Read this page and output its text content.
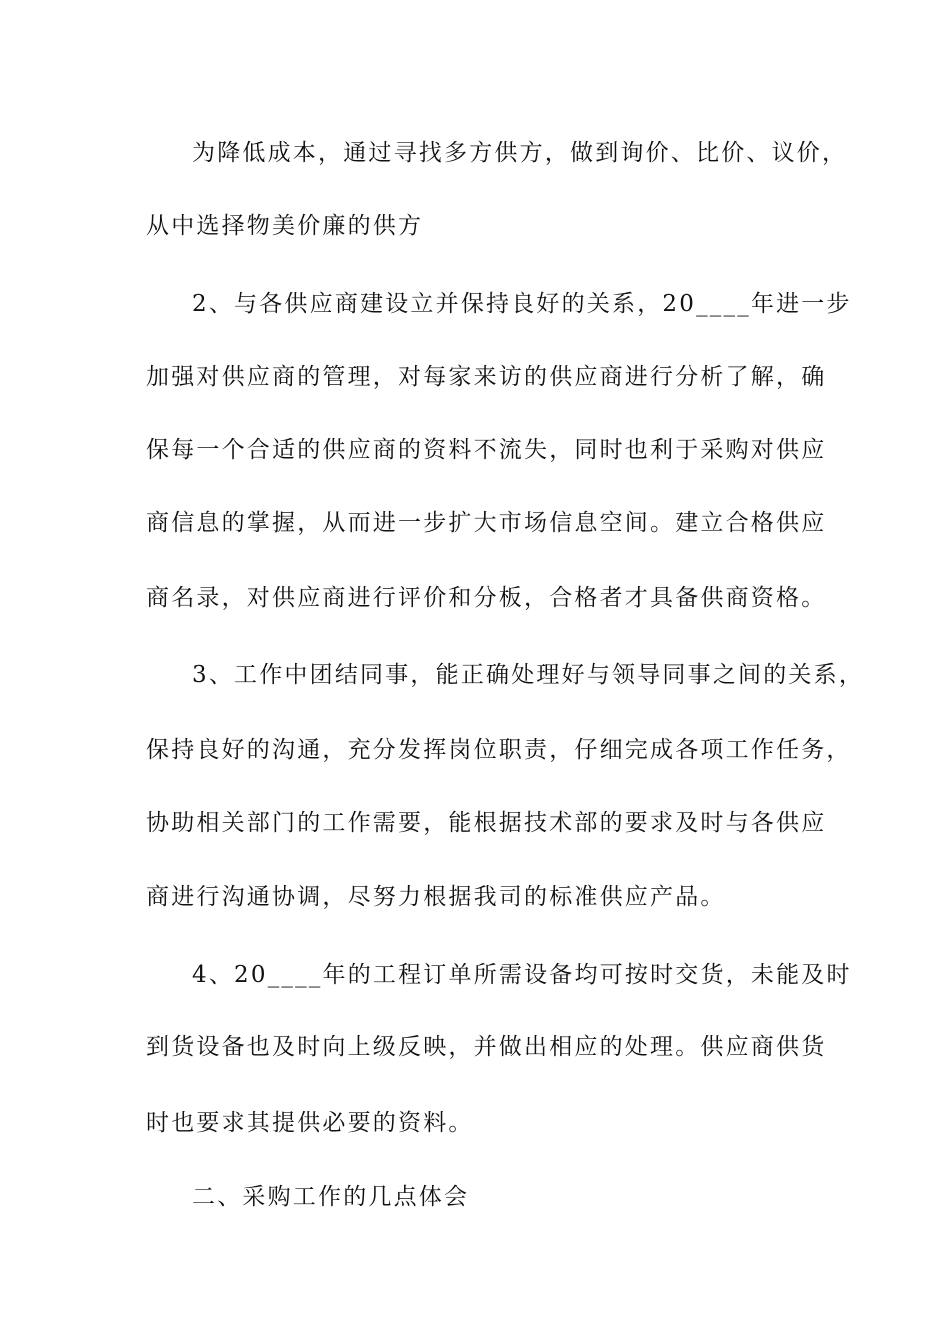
为降低成本，通过寻找多方供方，做到询价、比价、议价，
从中选择物美价廉的供方
2、与各供应商建设立并保持良好的关系，20____年进一步
加强对供应商的管理，对每家来访的供应商进行分析了解，确
保每一个合适的供应商的资料不流失，同时也利于采购对供应
商信息的掌握，从而进一步扩大市场信息空间。建立合格供应
商名录，对供应商进行评价和分板，合格者才具备供商资格。
3、工作中团结同事，能正确处理好与领导同事之间的关系，
保持良好的沟通，充分发挥岗位职责，仔细完成各项工作任务，
协助相关部门的工作需要，能根据技术部的要求及时与各供应
商进行沟通协调，尽努力根据我司的标准供应产品。
4、20____年的工程订单所需设备均可按时交货，未能及时
到货设备也及时向上级反映，并做出相应的处理。供应商供货
时也要求其提供必要的资料。
二、采购工作的几点体会
